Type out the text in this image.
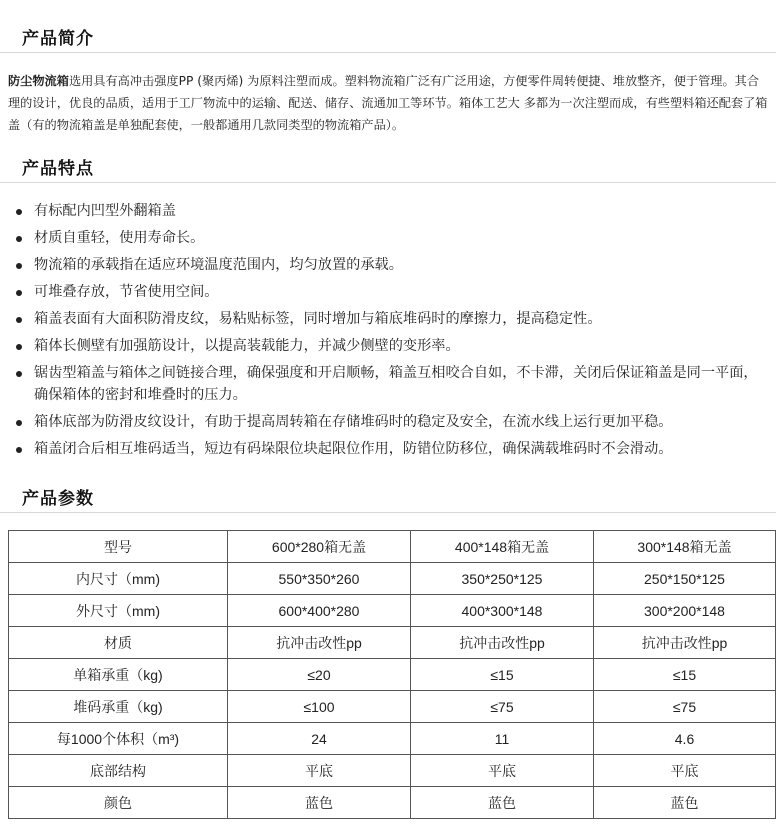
产品简介
防尘物流箱选用具有高冲击强度PP (聚丙烯) 为原料注塑而成。塑料物流箱广泛有广泛用途，方便零件周转便捷、堆放整齐，便于管理。其合理的设计，优良的品质，适用于工厂物流中的运输、配送、储存、流通加工等环节。箱体工艺大 多都为一次注塑而成，有些塑料箱还配套了箱盖（有的物流箱盖是单独配套使，一般都通用几款同类型的物流箱产品）。
产品特点
有标配内凹型外翻箱盖
材质自重轻，使用寿命长。
物流箱的承载指在适应环境温度范围内，均匀放置的承载。
可堆叠存放，节省使用空间。
箱盖表面有大面积防滑皮纹，易粘贴标签，同时增加与箱底堆码时的摩擦力，提高稳定性。
箱体长侧壁有加强筋设计，以提高装载能力，并减少侧壁的变形率。
锯齿型箱盖与箱体之间链接合理，确保强度和开启顺畅，箱盖互相咬合自如，不卡滞，关闭后保证箱盖是同一平面，确保箱体的密封和堆叠时的压力。
箱体底部为防滑皮纹设计，有助于提高周转箱在存储堆码时的稳定及安全，在流水线上运行更加平稳。
箱盖闭合后相互堆码适当，短边有码垛限位块起限位作用，防错位防移位，确保满载堆码时不会滑动。
产品参数
型号	600*280箱无盖	400*148箱无盖	300*148箱无盖
内尺寸（mm)	550*350*260	350*250*125	250*150*125
外尺寸（mm)	600*400*280	400*300*148	300*200*148
材质	抗冲击改性pp	抗冲击改性pp	抗冲击改性pp
单箱承重（kg)	≤20	≤15	≤15
堆码承重（kg)	≤100	≤75	≤75
每1000个体积（m³)	24	11	4.6
底部结构	平底	平底	平底
颜色	蓝色	蓝色	蓝色
